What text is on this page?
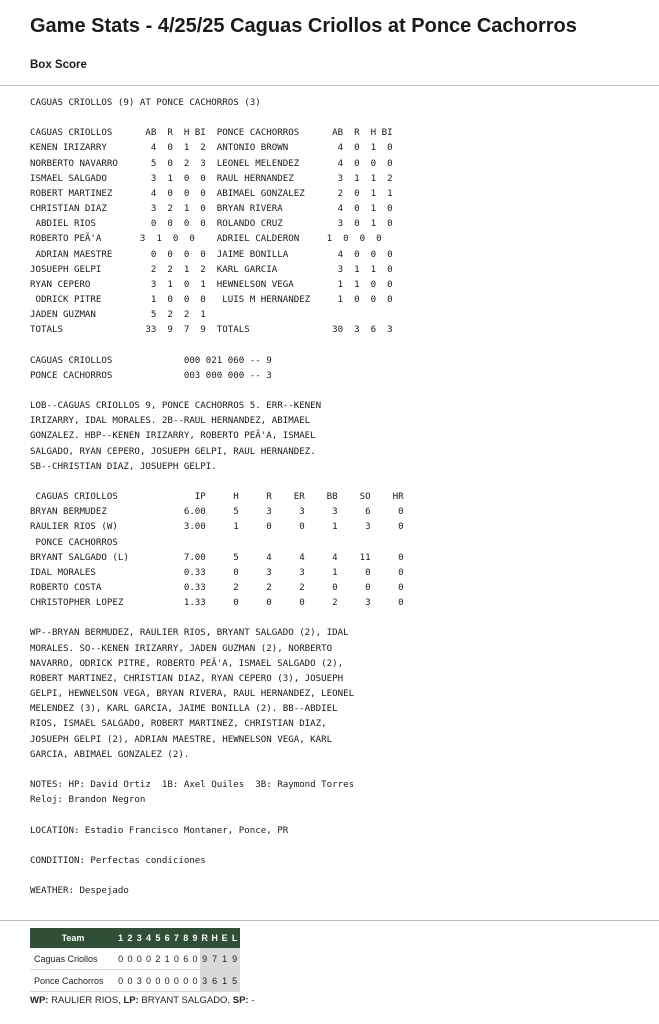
Game Stats - 4/25/25 Caguas Criollos at Ponce Cachorros
Box Score
CAGUAS CRIOLLOS (9) AT PONCE CACHORROS (3)

CAGUAS CRIOLLOS      AB  R  H BI  PONCE CACHORROS      AB  R  H BI
KENEN IRIZARRY        4  0  1  2  ANTONIO BROWN         4  0  1  0
NORBERTO NAVARRO      5  0  2  3  LEONEL MELENDEZ       4  0  0  0
ISMAEL SALGADO        3  1  0  0  RAUL HERNANDEZ        3  1  1  2
ROBERT MARTINEZ       4  0  0  0  ABIMAEL GONZALEZ      2  0  1  1
CHRISTIAN DIAZ        3  2  1  0  BRYAN RIVERA          4  0  1  0
ABDIEL RIOS          0  0  0  0  ROLANDO CRUZ          3  0  1  0
ROBERTO PEÃ'A       3  1  0  0    ADRIEL CALDERON     1  0  0  0
ADRIAN MAESTRE       0  0  0  0  JAIME BONILLA         4  0  0  0
JOSUEPH GELPI         2  2  1  2  KARL GARCIA           3  1  1  0
RYAN CEPERO           3  1  0  1  HEWNELSON VEGA        1  1  0  0
ODRICK PITRE         1  0  0  0   LUIS M HERNANDEZ     1  0  0  0
JADEN GUZMAN          5  2  2  1
TOTALS               33  9  7  9  TOTALS               30  3  6  3

CAGUAS CRIOLLOS             000 021 060 -- 9
PONCE CACHORROS             003 000 000 -- 3

LOB--CAGUAS CRIOLLOS 9, PONCE CACHORROS 5. ERR--KENEN
IRIZARRY, IDAL MORALES. 2B--RAUL HERNANDEZ, ABIMAEL
GONZALEZ. HBP--KENEN IRIZARRY, ROBERTO PEÃ'A, ISMAEL
SALGADO, RYAN CEPERO, JOSUEPH GELPI, RAUL HERNANDEZ.
SB--CHRISTIAN DIAZ, JOSUEPH GELPI.

CAGUAS CRIOLLOS              IP     H     R    ER    BB    SO    HR
BRYAN BERMUDEZ              6.00     5     3     3     3     6     0
RAULIER RIOS (W)            3.00     1     0     0     1     3     0
PONCE CACHORROS
BRYANT SALGADO (L)          7.00     5     4     4     4    11     0
IDAL MORALES                0.33     0     3     3     1     0     0
ROBERTO COSTA               0.33     2     2     2     0     0     0
CHRISTOPHER LOPEZ           1.33     0     0     0     2     3     0

WP--BRYAN BERMUDEZ, RAULIER RIOS, BRYANT SALGADO (2), IDAL
MORALES. SO--KENEN IRIZARRY, JADEN GUZMAN (2), NORBERTO
NAVARRO, ODRICK PITRE, ROBERTO PEÃ'A, ISMAEL SALGADO (2),
ROBERT MARTINEZ, CHRISTIAN DIAZ, RYAN CEPERO (3), JOSUEPH
GELPI, HEWNELSON VEGA, BRYAN RIVERA, RAUL HERNANDEZ, LEONEL
MELENDEZ (3), KARL GARCIA, JAIME BONILLA (2). BB--ABDIEL
RIOS, ISMAEL SALGADO, ROBERT MARTINEZ, CHRISTIAN DIAZ,
JOSUEPH GELPI (2), ADRIAN MAESTRE, HEWNELSON VEGA, KARL
GARCIA, ABIMAEL GONZALEZ (2).

NOTES: HP: David Ortiz  1B: Axel Quiles  3B: Raymond Torres
Reloj: Brandon Negron

LOCATION: Estadio Francisco Montaner, Ponce, PR

CONDITION: Perfectas condiciones

WEATHER: Despejado
Team	1	2	3	4	5	6	7	8	9	R	H	E	L
Caguas Criollos	0	0	0	0	2	1	0	6	0	9	7	1	9
Ponce Cachorros	0	0	3	0	0	0	0	0	0	3	6	1	5

WP: RAULIER RIOS, LP: BRYANT SALGADO, SP: -
